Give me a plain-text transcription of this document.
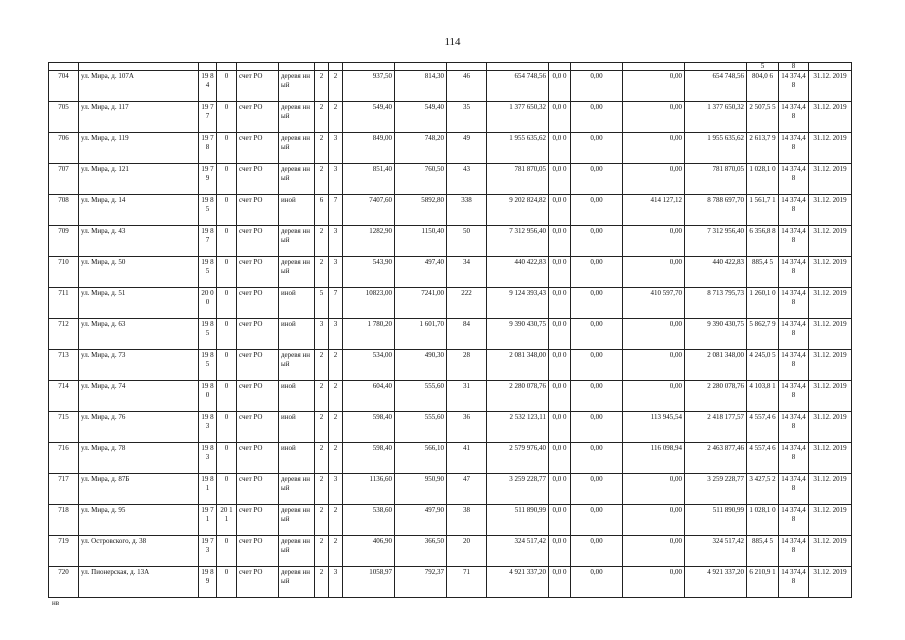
114
																5	8	
704	ул. Мира, д. 107А	19 84	0	счет РО	деревя нный	2	2	937,50	814,30	46	654 748,56	0,0 0	0,00	0,00	654 748,56	804,0 6	14 374,4 8	31.12. 2019
705	ул. Мира, д. 117	19 77	0	счет РО	деревя нный	2	2	549,40	549,40	35	1 377 650,32	0,0 0	0,00	0,00	1 377 650,32	2 507,5 5	14 374,4 8	31.12. 2019
706	ул. Мира, д. 119	19 78	0	счет РО	деревя нный	2	3	849,00	748,20	49	1 955 635,62	0,0 0	0,00	0,00	1 955 635,62	2 613,7 9	14 374,4 8	31.12. 2019
707	ул. Мира, д. 121	19 79	0	счет РО	деревя нный	2	3	851,40	760,50	43	781 870,05	0,0 0	0,00	0,00	781 870,05	1 028,1 0	14 374,4 8	31.12. 2019
708	ул. Мира, д. 14	19 85	0	счет РО	иной	6	7	7407,60	5892,80	338	9 202 824,82	0,0 0	0,00	414 127,12	8 788 697,70	1 561,7 1	14 374,4 8	31.12. 2019
709	ул. Мира, д. 43	19 87	0	счет РО	деревя нный	2	3	1282,90	1150,40	50	7 312 956,40	0,0 0	0,00	0,00	7 312 956,40	6 356,8 8	14 374,4 8	31.12. 2019
710	ул. Мира, д. 50	19 85	0	счет РО	деревя нный	2	3	543,90	497,40	34	440 422,83	0,0 0	0,00	0,00	440 422,83	885,4 5	14 374,4 8	31.12. 2019
711	ул. Мира, д. 51	20 00	0	счет РО	иной	5	7	10823,00	7241,00	222	9 124 393,43	0,0 0	0,00	410 597,70	8 713 795,73	1 260,1 0	14 374,4 8	31.12. 2019
712	ул. Мира, д. 63	19 85	0	счет РО	иной	3	3	1 780,20	1 601,70	84	9 390 430,75	0,0 0	0,00	0,00	9 390 430,75	5 862,7 9	14 374,4 8	31.12. 2019
713	ул. Мира, д. 73	19 85	0	счет РО	деревя нный	2	2	534,00	490,30	28	2 081 348,00	0,0 0	0,00	0,00	2 081 348,00	4 245,0 5	14 374,4 8	31.12. 2019
714	ул. Мира, д. 74	19 80	0	счет РО	иной	2	2	604,40	555,60	31	2 280 078,76	0,0 0	0,00	0,00	2 280 078,76	4 103,8 1	14 374,4 8	31.12. 2019
715	ул. Мира, д. 76	19 83	0	счет РО	иной	2	2	598,40	555,60	36	2 532 123,11	0,0 0	0,00	113 945,54	2 418 177,57	4 557,4 6	14 374,4 8	31.12. 2019
716	ул. Мира, д. 78	19 83	0	счет РО	иной	2	2	598,40	566,10	41	2 579 976,40	0,0 0	0,00	116 098,94	2 463 877,46	4 557,4 6	14 374,4 8	31.12. 2019
717	ул. Мира, д. 87Б	19 81	0	счет РО	деревя нный	2	3	1136,60	950,90	47	3 259 228,77	0,0 0	0,00	0,00	3 259 228,77	3 427,5 2	14 374,4 8	31.12. 2019
718	ул. Мира, д. 95	19 71	20 11	счет РО	деревя нный	2	2	538,60	497,90	38	511 890,99	0,0 0	0,00	0,00	511 890,99	1 028,1 0	14 374,4 8	31.12. 2019
719	ул. Островского, д. 38	19 73	0	счет РО	деревя нный	2	2	406,90	366,50	20	324 517,42	0,0 0	0,00	0,00	324 517,42	885,4 5	14 374,4 8	31.12. 2019
720	ул. Пионерская, д. 13А	19 89	0	счет РО	деревя нный	2	3	1058,97	792,37	71	4 921 337,20	0,0 0	0,00	0,00	4 921 337,20	6 210,9 1	14 374,4 8	31.12. 2019
нв
